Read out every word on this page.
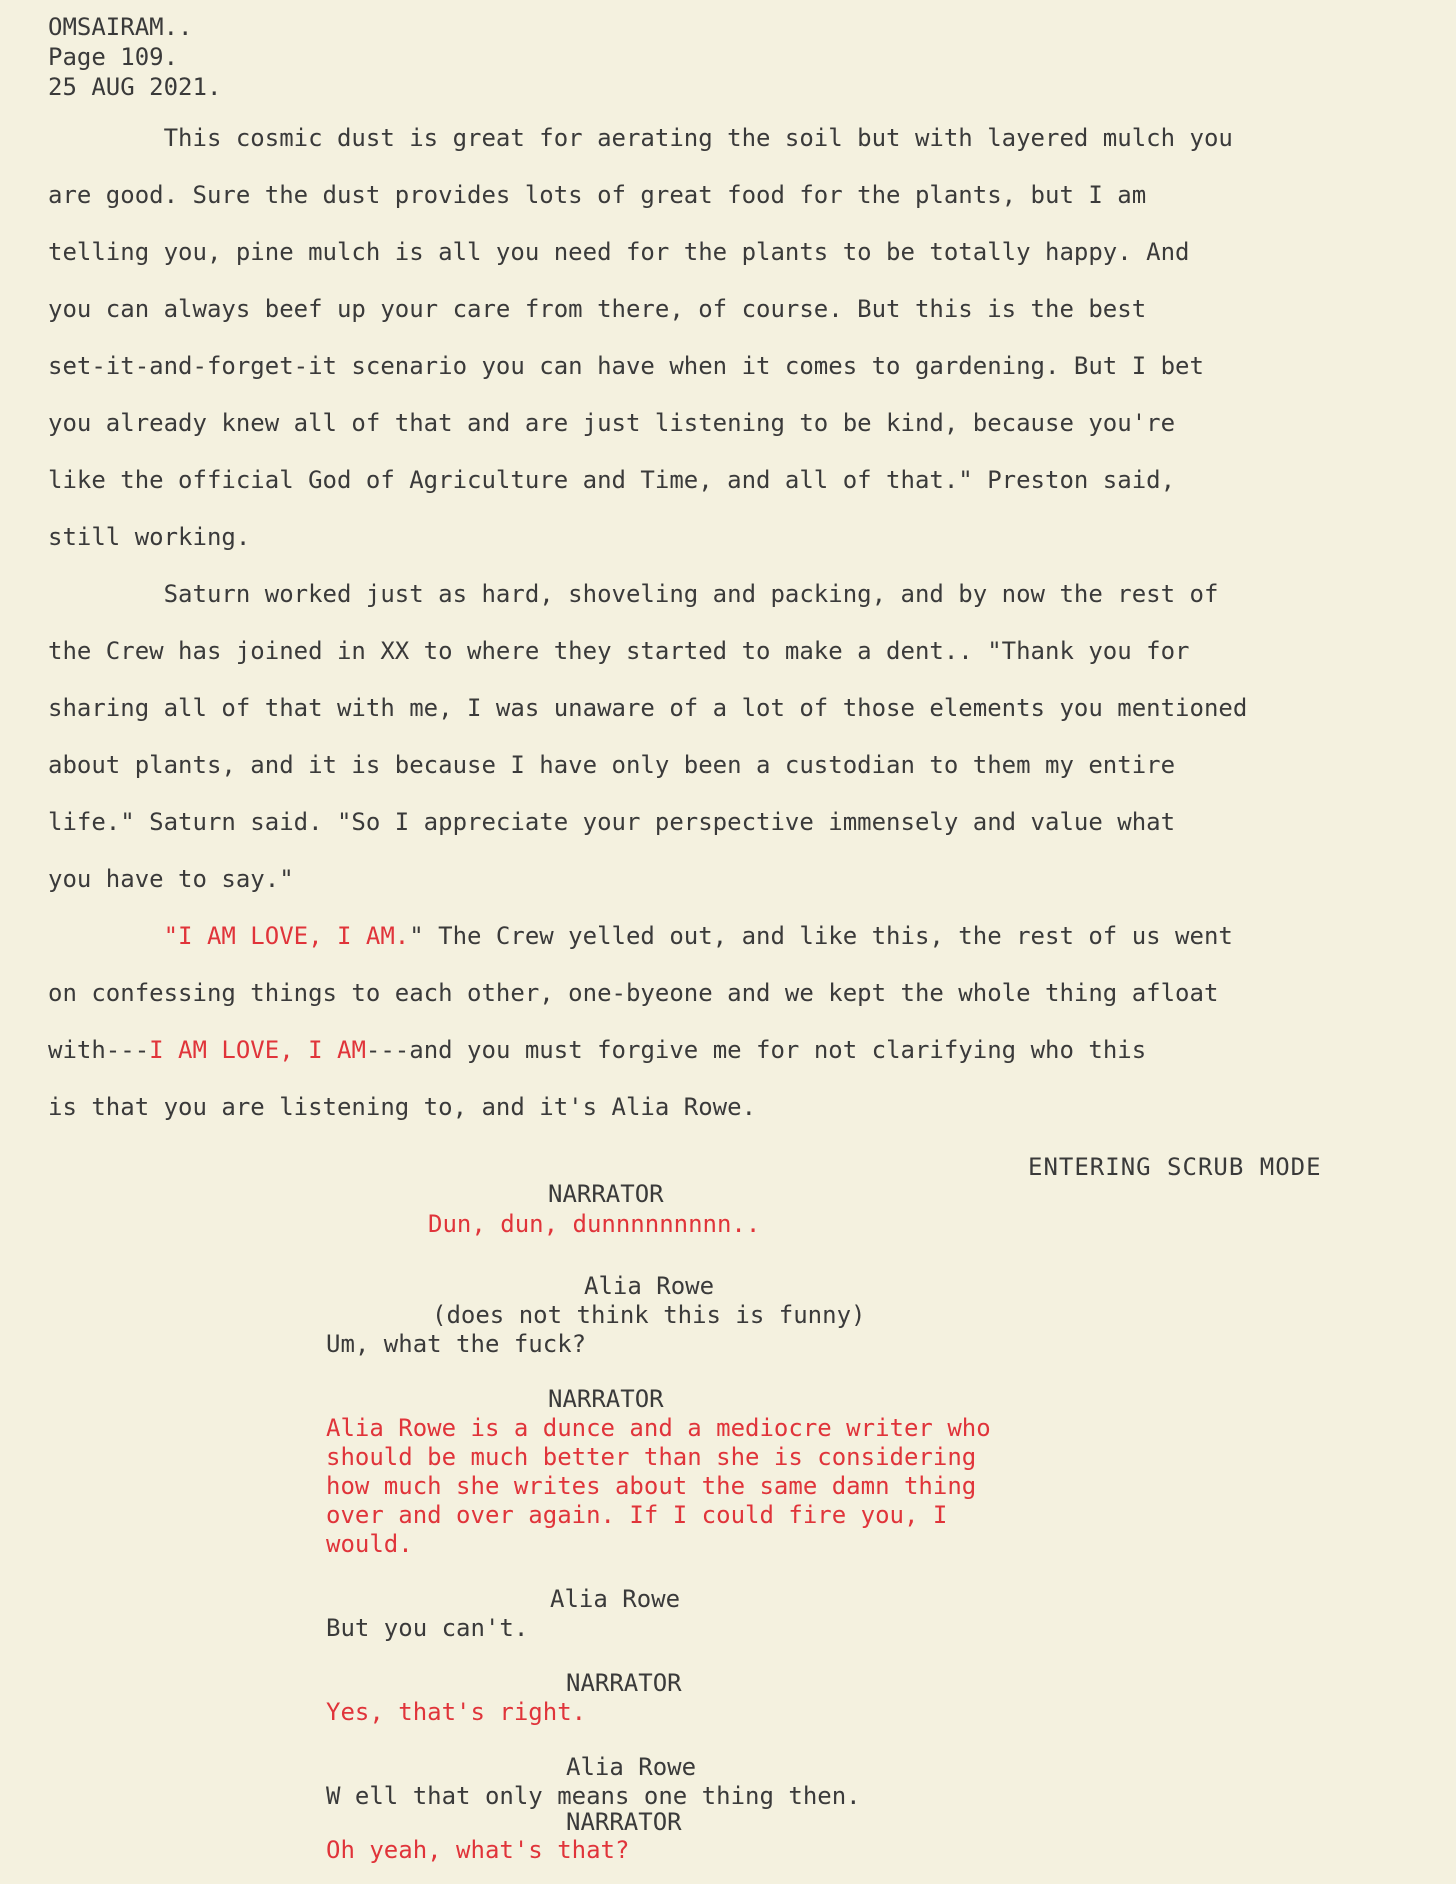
OMSAIRAM..
Page 109.
25 AUG 2021.
This cosmic dust is great for aerating the soil but with layered mulch you
are good. Sure the dust provides lots of great food for the plants, but I am
telling you, pine mulch is all you need for the plants to be totally happy. And
you can always beef up your care from there, of course. But this is the best
set-it-and-forget-it scenario you can have when it comes to gardening. But I bet
you already knew all of that and are just listening to be kind, because you're
like the official God of Agriculture and Time, and all of that." Preston said,
still working.
Saturn worked just as hard, shoveling and packing, and by now the rest of
the Crew has joined in XX to where they started to make a dent.. "Thank you for
sharing all of that with me, I was unaware of a lot of those elements you mentioned
about plants, and it is because I have only been a custodian to them my entire
life." Saturn said. "So I appreciate your perspective immensely and value what
you have to say."
"I AM LOVE, I AM." The Crew yelled out, and like this, the rest of us went
on confessing things to each other, one-byeone and we kept the whole thing afloat
with---I AM LOVE, I AM---and you must forgive me for not clarifying who this
is that you are listening to, and it's Alia Rowe.
ENTERING SCRUB MODE
NARRATOR
Dun, dun, dunnnnnnnnn..
Alia Rowe
(does not think this is funny)
Um, what the fuck?
NARRATOR
Alia Rowe is a dunce and a mediocre writer who
should be much better than she is considering
how much she writes about the same damn thing
over and over again. If I could fire you, I
would.
Alia Rowe
But you can't.
NARRATOR
Yes, that's right.
Alia Rowe
W ell that only means one thing then.
NARRATOR
Oh yeah, what's that?
